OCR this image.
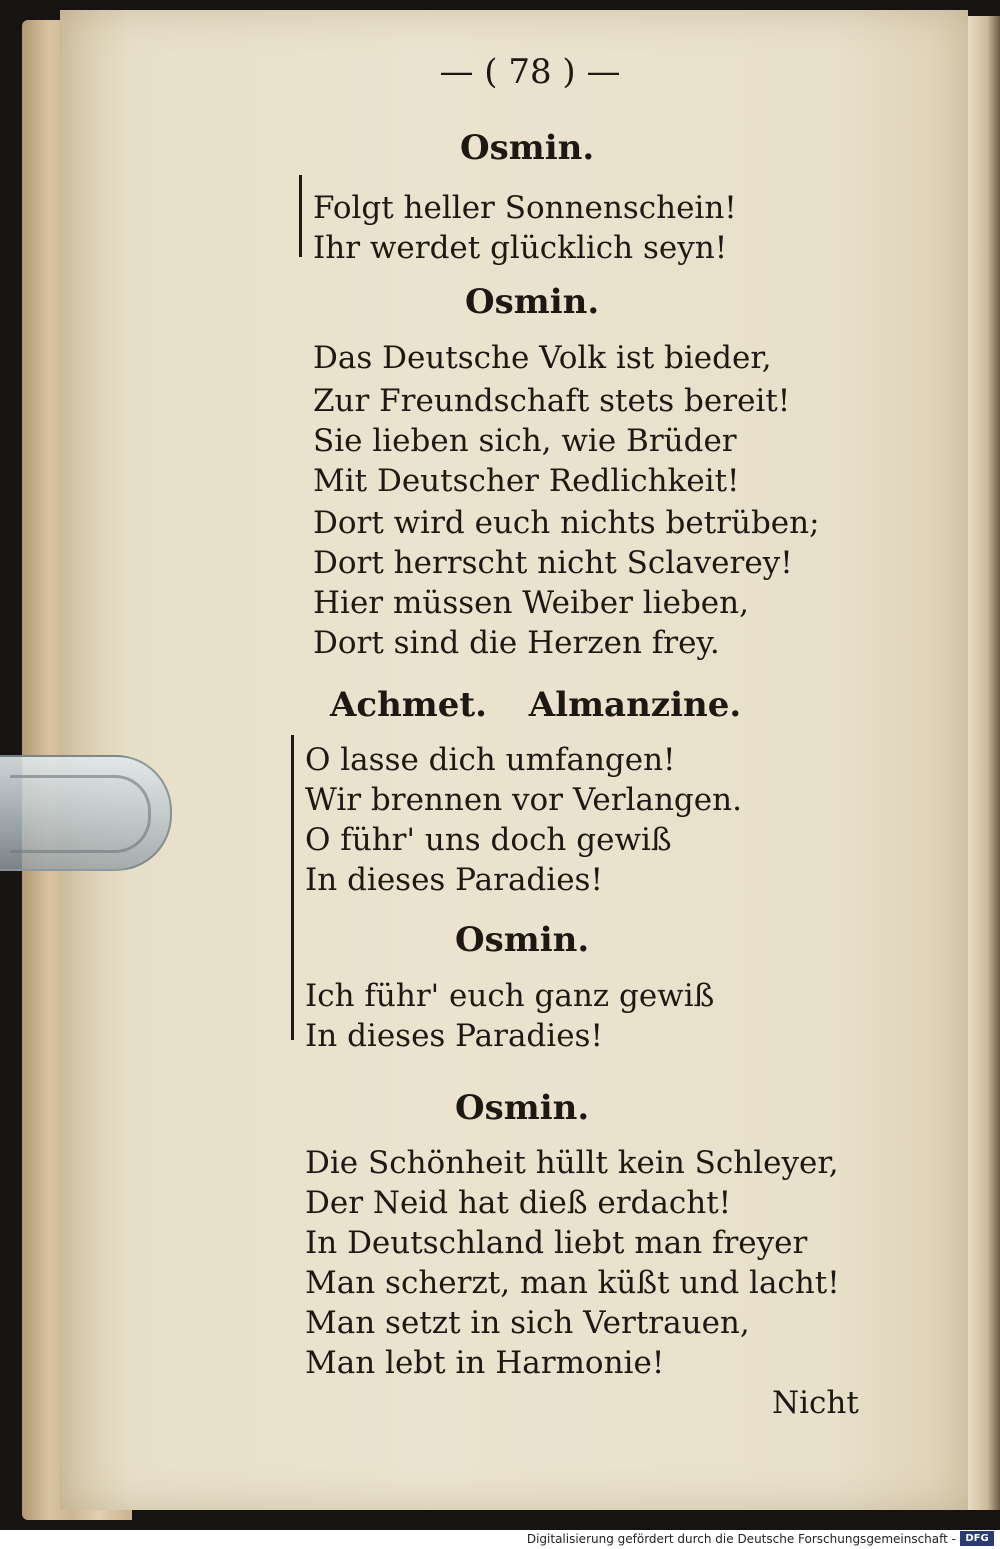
— ( 78 ) —
Osmin.
Folgt heller Sonnenschein!
Ihr werdet glücklich seyn!
Osmin.
Das Deutsche Volk ist bieder,
Zur Freundschaft stets bereit!
Sie lieben sich, wie Brüder
Mit Deutscher Redlichkeit!
Dort wird euch nichts betrüben;
Dort herrscht nicht Sclaverey!
Hier müssen Weiber lieben,
Dort sind die Herzen frey.
Achmet. Almanzine.
O lasse dich umfangen!
Wir brennen vor Verlangen.
O führ' uns doch gewiß
In dieses Paradies!
Osmin.
Ich führ' euch ganz gewiß
In dieses Paradies!
Osmin.
Die Schönheit hüllt kein Schleyer,
Der Neid hat dieß erdacht!
In Deutschland liebt man freyer
Man scherzt, man küßt und lacht!
Man setzt in sich Vertrauen,
Man lebt in Harmonie!
Nicht
Digitalisierung gefördert durch die Deutsche Forschungsgemeinschaft - DFG
